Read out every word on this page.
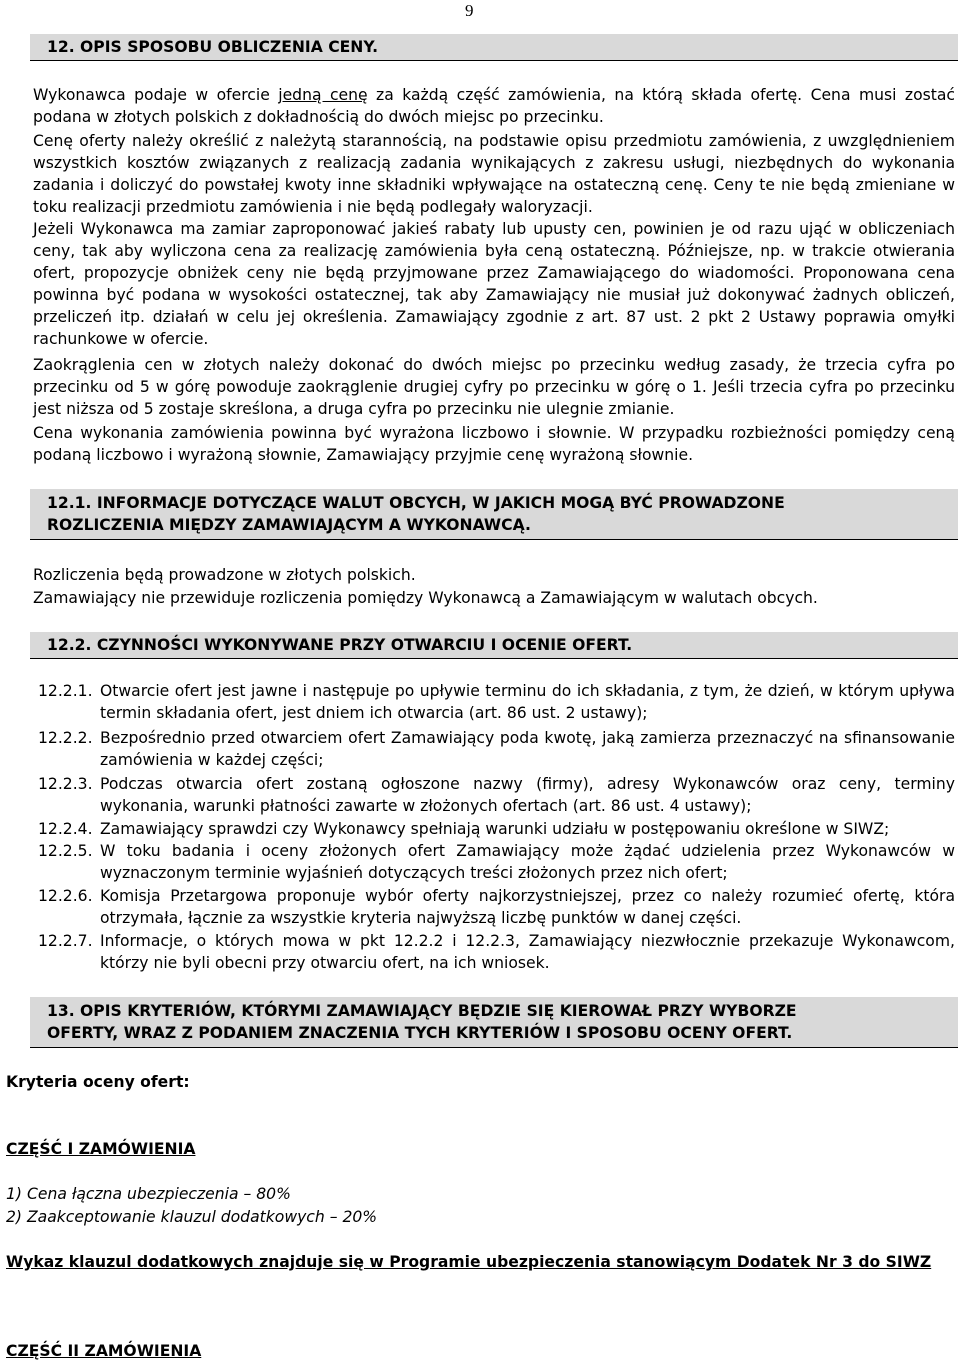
9
12. OPIS SPOSOBU OBLICZENIA CENY.
Wykonawca podaje w ofercie jedną cenę za każdą część zamówienia, na którą składa ofertę. Cena musi zostać
podana w złotych polskich z dokładnością do dwóch miejsc po przecinku.
Cenę oferty należy określić z należytą starannością, na podstawie opisu przedmiotu zamówienia, z uwzględnieniem wszystkich kosztów związanych z realizacją zadania wynikających z zakresu usługi, niezbędnych do wykonania zadania i doliczyć do powstałej kwoty inne składniki wpływające na ostateczną cenę. Ceny te nie będą zmieniane w toku realizacji przedmiotu zamówienia i nie będą podlegały waloryzacji.
Jeżeli Wykonawca ma zamiar zaproponować jakieś rabaty lub upusty cen, powinien je od razu ująć w obliczeniach ceny, tak aby wyliczona cena za realizację zamówienia była ceną ostateczną. Późniejsze, np. w trakcie otwierania ofert, propozycje obniżek ceny nie będą przyjmowane przez Zamawiającego do wiadomości. Proponowana cena powinna być podana w wysokości ostatecznej, tak aby Zamawiający nie musiał już dokonywać żadnych obliczeń, przeliczeń itp. działań w celu jej określenia. Zamawiający zgodnie z art. 87 ust. 2 pkt 2 Ustawy poprawia omyłki rachunkowe w ofercie.
Zaokrąglenia cen w złotych należy dokonać do dwóch miejsc po przecinku według zasady, że trzecia cyfra po przecinku od 5 w górę powoduje zaokrąglenie drugiej cyfry po przecinku w górę o 1. Jeśli trzecia cyfra po przecinku jest niższa od 5 zostaje skreślona, a druga cyfra po przecinku nie ulegnie zmianie.
Cena wykonania zamówienia powinna być wyrażona liczbowo i słownie. W przypadku rozbieżności pomiędzy ceną podaną liczbowo i wyrażoną słownie, Zamawiający przyjmie cenę wyrażoną słownie.
12.1. INFORMACJE DOTYCZĄCE WALUT OBCYCH, W JAKICH MOGĄ BYĆ PROWADZONE
ROZLICZENIA MIĘDZY ZAMAWIAJĄCYM A WYKONAWCĄ.
Rozliczenia będą prowadzone w złotych polskich.
Zamawiający nie przewiduje rozliczenia pomiędzy Wykonawcą a Zamawiającym w walutach obcych.
12.2. CZYNNOŚCI WYKONYWANE PRZY OTWARCIU I OCENIE OFERT.
12.2.1. Otwarcie ofert jest jawne i następuje po upływie terminu do ich składania, z tym, że dzień, w którym upływa termin składania ofert, jest dniem ich otwarcia (art. 86 ust. 2 ustawy);
12.2.2. Bezpośrednio przed otwarciem ofert Zamawiający poda kwotę, jaką zamierza przeznaczyć na sfinansowanie zamówienia w każdej części;
12.2.3. Podczas otwarcia ofert zostaną ogłoszone nazwy (firmy), adresy Wykonawców oraz ceny, terminy wykonania, warunki płatności zawarte w złożonych ofertach (art. 86 ust. 4 ustawy);
12.2.4. Zamawiający sprawdzi czy Wykonawcy spełniają warunki udziału w postępowaniu określone w SIWZ;
12.2.5. W toku badania i oceny złożonych ofert Zamawiający może żądać udzielenia przez Wykonawców w wyznaczonym terminie wyjaśnień dotyczących treści złożonych przez nich ofert;
12.2.6. Komisja Przetargowa proponuje wybór oferty najkorzystniejszej, przez co należy rozumieć ofertę, która otrzymała, łącznie za wszystkie kryteria najwyższą liczbę punktów w danej części.
12.2.7. Informacje, o których mowa w pkt 12.2.2 i 12.2.3, Zamawiający niezwłocznie przekazuje Wykonawcom, którzy nie byli obecni przy otwarciu ofert, na ich wniosek.
13. OPIS KRYTERIÓW, KTÓRYMI ZAMAWIAJĄCY BĘDZIE SIĘ KIEROWAŁ PRZY WYBORZE
OFERTY, WRAZ Z PODANIEM ZNACZENIA TYCH KRYTERIÓW I SPOSOBU OCENY OFERT.
Kryteria oceny ofert:
CZĘŚĆ I ZAMÓWIENIA
1) Cena łączna ubezpieczenia – 80%
2) Zaakceptowanie klauzul dodatkowych – 20%
Wykaz klauzul dodatkowych znajduje się w Programie ubezpieczenia stanowiącym Dodatek Nr 3 do SIWZ
CZĘŚĆ II ZAMÓWIENIA
